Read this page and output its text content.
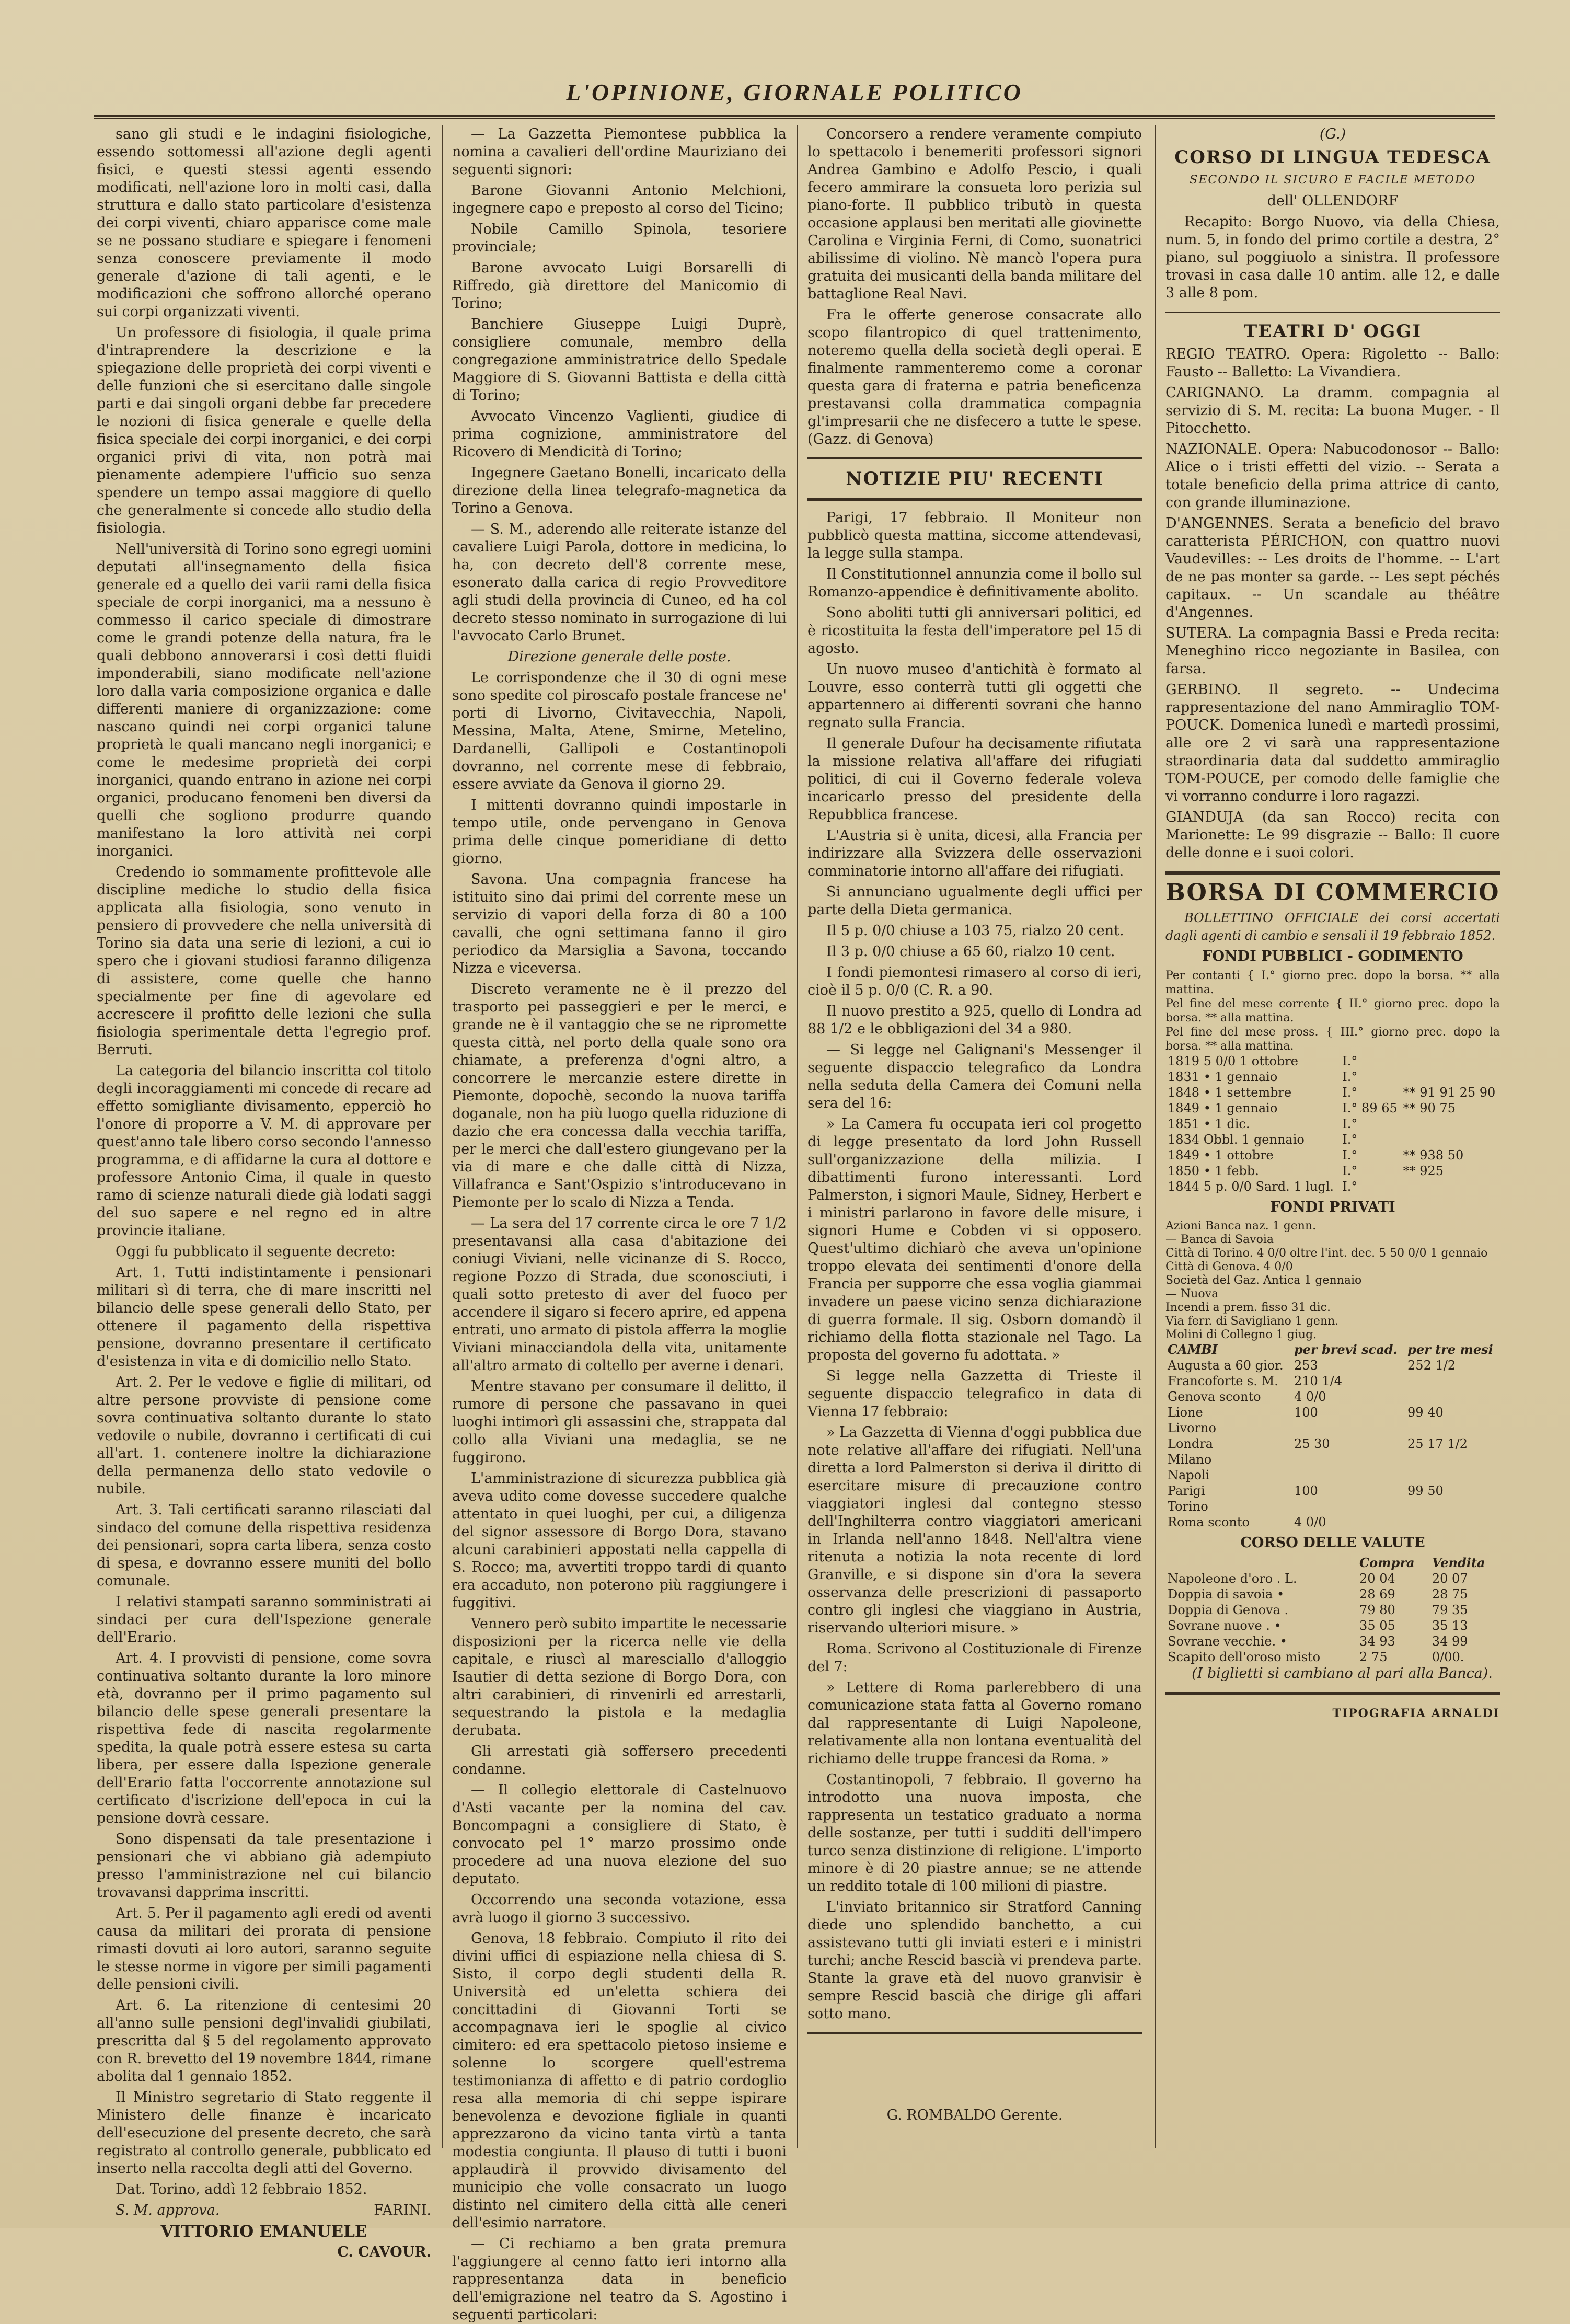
L'OPINIONE, GIORNALE POLITICO

sano gli studi e le indagini fisiologiche, essendo sottomessi all'azione degli agenti fisici, e questi stessi agenti essendo modificati, nell'azione loro in molti casi, dalla struttura e dallo stato particolare d'esistenza dei corpi viventi, chiaro apparisce come male se ne possano studiare e spiegare i fenomeni senza conoscere previamente il modo generale d'azione di tali agenti, e le modificazioni che soffrono allorché operano sui corpi organizzati viventi.

Un professore di fisiologia, il quale prima d'intraprendere la descrizione e la spiegazione delle proprietà dei corpi viventi e delle funzioni che si esercitano dalle singole parti e dai singoli organi debbe far precedere le nozioni di fisica generale e quelle della fisica speciale dei corpi inorganici, e dei corpi organici privi di vita, non potrà mai pienamente adempiere l'ufficio suo senza spendere un tempo assai maggiore di quello che generalmente si concede allo studio della fisiologia.

Nell'università di Torino sono egregi uomini deputati all'insegnamento della fisica generale ed a quello dei varii rami della fisica speciale de corpi inorganici, ma a nessuno è commesso il carico speciale di dimostrare come le grandi potenze della natura, fra le quali debbono annoverarsi i così detti fluidi imponderabili, siano modificate nell'azione loro dalla varia composizione organica e dalle differenti maniere di organizzazione: come nascano quindi nei corpi organici talune proprietà le quali mancano negli inorganici; e come le medesime proprietà dei corpi inorganici, quando entrano in azione nei corpi organici, producano fenomeni ben diversi da quelli che sogliono produrre quando manifestano la loro attività nei corpi inorganici.

Credendo io sommamente profittevole alle discipline mediche lo studio della fisica applicata alla fisiologia, sono venuto in pensiero di provvedere che nella università di Torino sia data una serie di lezioni, a cui io spero che i giovani studiosi faranno diligenza di assistere, come quelle che hanno specialmente per fine di agevolare ed accrescere il profitto delle lezioni che sulla fisiologia sperimentale detta l'egregio prof. Berruti.

La categoria del bilancio inscritta col titolo degli incoraggiamenti mi concede di recare ad effetto somigliante divisamento, epperciò ho l'onore di proporre a V. M. di approvare per quest'anno tale libero corso secondo l'annesso programma, e di affidarne la cura al dottore e professore Antonio Cima, il quale in questo ramo di scienze naturali diede già lodati saggi del suo sapere e nel regno ed in altre provincie italiane.

Oggi fu pubblicato il seguente decreto:

Art. 1. Tutti indistintamente i pensionari militari sì di terra, che di mare inscritti nel bilancio delle spese generali dello Stato, per ottenere il pagamento della rispettiva pensione, dovranno presentare il certificato d'esistenza in vita e di domicilio nello Stato.

Art. 2. Per le vedove e figlie di militari, od altre persone provviste di pensione come sovra continuativa soltanto durante lo stato vedovile o nubile, dovranno i certificati di cui all'art. 1. contenere inoltre la dichiarazione della permanenza dello stato vedovile o nubile.

Art. 3. Tali certificati saranno rilasciati dal sindaco del comune della rispettiva residenza dei pensionari, sopra carta libera, senza costo di spesa, e dovranno essere muniti del bollo comunale.

I relativi stampati saranno somministrati ai sindaci per cura dell'Ispezione generale dell'Erario.

Art. 4. I provvisti di pensione, come sovra continuativa soltanto durante la loro minore età, dovranno per il primo pagamento sul bilancio delle spese generali presentare la rispettiva fede di nascita regolarmente spedita, la quale potrà essere estesa su carta libera, per essere dalla Ispezione generale dell'Erario fatta l'occorrente annotazione sul certificato d'iscrizione dell'epoca in cui la pensione dovrà cessare.

Sono dispensati da tale presentazione i pensionari che vi abbiano già adempiuto presso l'amministrazione nel cui bilancio trovavansi dapprima inscritti.

Art. 5. Per il pagamento agli eredi od aventi causa da militari dei prorata di pensione rimasti dovuti ai loro autori, saranno seguite le stesse norme in vigore per simili pagamenti delle pensioni civili.

Art. 6. La ritenzione di centesimi 20 all'anno sulle pensioni degl'invalidi giubilati, prescritta dal § 5 del regolamento approvato con R. brevetto del 19 novembre 1844, rimane abolita dal 1 gennaio 1852.

Il Ministro segretario di Stato reggente il Ministero delle finanze è incaricato dell'esecuzione del presente decreto, che sarà registrato al controllo generale, pubblicato ed inserto nella raccolta degli atti del Governo.

Dat. Torino, addì 12 febbraio 1852.

S. M. approva.	FARINI.

VITTORIO EMANUELE

C. CAVOUR.

— La Gazzetta Piemontese pubblica la nomina a cavalieri dell'ordine Mauriziano dei seguenti signori:

Barone Giovanni Antonio Melchioni, ingegnere capo e preposto al corso del Ticino;

Nobile Camillo Spinola, tesoriere provinciale;

Barone avvocato Luigi Borsarelli di Riffredo, già direttore del Manicomio di Torino;

Banchiere Giuseppe Luigi Duprè, consigliere comunale, membro della congregazione amministratrice dello Spedale Maggiore di S. Giovanni Battista e della città di Torino;

Avvocato Vincenzo Vaglienti, giudice di prima cognizione, amministratore del Ricovero di Mendicità di Torino;

Ingegnere Gaetano Bonelli, incaricato della direzione della linea telegrafo-magnetica da Torino a Genova.

— S. M., aderendo alle reiterate istanze del cavaliere Luigi Parola, dottore in medicina, lo ha, con decreto dell'8 corrente mese, esonerato dalla carica di regio Provveditore agli studi della provincia di Cuneo, ed ha col decreto stesso nominato in surrogazione di lui l'avvocato Carlo Brunet.

Direzione generale delle poste.

Le corrispondenze che il 30 di ogni mese sono spedite col piroscafo postale francese ne' porti di Livorno, Civitavecchia, Napoli, Messina, Malta, Atene, Smirne, Metelino, Dardanelli, Gallipoli e Costantinopoli dovranno, nel corrente mese di febbraio, essere avviate da Genova il giorno 29.

I mittenti dovranno quindi impostarle in tempo utile, onde pervengano in Genova prima delle cinque pomeridiane di detto giorno.

Savona. Una compagnia francese ha istituito sino dai primi del corrente mese un servizio di vapori della forza di 80 a 100 cavalli, che ogni settimana fanno il giro periodico da Marsiglia a Savona, toccando Nizza e viceversa.

Discreto veramente ne è il prezzo del trasporto pei passeggieri e per le merci, e grande ne è il vantaggio che se ne ripromette questa città, nel porto della quale sono ora chiamate, a preferenza d'ogni altro, a concorrere le mercanzie estere dirette in Piemonte, dopochè, secondo la nuova tariffa doganale, non ha più luogo quella riduzione di dazio che era concessa dalla vecchia tariffa, per le merci che dall'estero giungevano per la via di mare e che dalle città di Nizza, Villafranca e Sant'Ospizio s'introducevano in Piemonte per lo scalo di Nizza a Tenda.

— La sera del 17 corrente circa le ore 7 1/2 presentavansi alla casa d'abitazione dei coniugi Viviani, nelle vicinanze di S. Rocco, regione Pozzo di Strada, due sconosciuti, i quali sotto pretesto di aver del fuoco per accendere il sigaro si fecero aprire, ed appena entrati, uno armato di pistola afferra la moglie Viviani minacciandola della vita, unitamente all'altro armato di coltello per averne i denari.

Mentre stavano per consumare il delitto, il rumore di persone che passavano in quei luoghi intimorì gli assassini che, strappata dal collo alla Viviani una medaglia, se ne fuggirono.

L'amministrazione di sicurezza pubblica già aveva udito come dovesse succedere qualche attentato in quei luoghi, per cui, a diligenza del signor assessore di Borgo Dora, stavano alcuni carabinieri appostati nella cappella di S. Rocco; ma, avvertiti troppo tardi di quanto era accaduto, non poterono più raggiungere i fuggitivi.

Vennero però subito impartite le necessarie disposizioni per la ricerca nelle vie della capitale, e riuscì al maresciallo d'alloggio Isautier di detta sezione di Borgo Dora, con altri carabinieri, di rinvenirli ed arrestarli, sequestrando la pistola e la medaglia derubata.

Gli arrestati già soffersero precedenti condanne.

— Il collegio elettorale di Castelnuovo d'Asti vacante per la nomina del cav. Boncompagni a consigliere di Stato, è convocato pel 1° marzo prossimo onde procedere ad una nuova elezione del suo deputato.

Occorrendo una seconda votazione, essa avrà luogo il giorno 3 successivo.

Genova, 18 febbraio. Compiuto il rito dei divini uffici di espiazione nella chiesa di S. Sisto, il corpo degli studenti della R. Università ed un'eletta schiera dei concittadini di Giovanni Torti se accompagnava ieri le spoglie al civico cimitero: ed era spettacolo pietoso insieme e solenne lo scorgere quell'estrema testimonianza di affetto e di patrio cordoglio resa alla memoria di chi seppe ispirare benevolenza e devozione figliale in quanti apprezzarono da vicino tanta virtù a tanta modestia congiunta. Il plauso di tutti i buoni applaudirà il provvido divisamento del municipio che volle consacrato un luogo distinto nel cimitero della città alle ceneri dell'esimio narratore.

— Ci rechiamo a ben grata premura l'aggiungere al cenno fatto ieri intorno alla rappresentanza data in beneficio dell'emigrazione nel teatro da S. Agostino i seguenti particolari:

Concorsero a rendere veramente compiuto lo spettacolo i benemeriti professori signori Andrea Gambino e Adolfo Pescio, i quali fecero ammirare la consueta loro perizia sul piano-forte. Il pubblico tributò in questa occasione applausi ben meritati alle giovinette Carolina e Virginia Ferni, di Como, suonatrici abilissime di violino. Nè mancò l'opera pura gratuita dei musicanti della banda militare del battaglione Real Navi.

Fra le offerte generose consacrate allo scopo filantropico di quel trattenimento, noteremo quella della società degli operai. E finalmente rammenteremo come a coronar questa gara di fraterna e patria beneficenza prestavansi colla drammatica compagnia gl'impresarii che ne disfecero a tutte le spese. (Gazz. di Genova)

NOTIZIE PIU' RECENTI

Parigi, 17 febbraio. Il Moniteur non pubblicò questa mattina, siccome attendevasi, la legge sulla stampa.

Il Constitutionnel annunzia come il bollo sul Romanzo-appendice è definitivamente abolito.

Sono aboliti tutti gli anniversari politici, ed è ricostituita la festa dell'imperatore pel 15 di agosto.

Un nuovo museo d'antichità è formato al Louvre, esso conterrà tutti gli oggetti che appartennero ai differenti sovrani che hanno regnato sulla Francia.

Il generale Dufour ha decisamente rifiutata la missione relativa all'affare dei rifugiati politici, di cui il Governo federale voleva incaricarlo presso del presidente della Repubblica francese.

L'Austria si è unita, dicesi, alla Francia per indirizzare alla Svizzera delle osservazioni comminatorie intorno all'affare dei rifugiati.

Si annunciano ugualmente degli uffici per parte della Dieta germanica.

Il 5 p. 0/0 chiuse a 103 75, rialzo 20 cent.

Il 3 p. 0/0 chiuse a 65 60, rialzo 10 cent.

I fondi piemontesi rimasero al corso di ieri, cioè il 5 p. 0/0 (C. R. a 90.

Il nuovo prestito a 925, quello di Londra ad 88 1/2 e le obbligazioni del 34 a 980.

— Si legge nel Galignani's Messenger il seguente dispaccio telegrafico da Londra nella seduta della Camera dei Comuni nella sera del 16:

» La Camera fu occupata ieri col progetto di legge presentato da lord John Russell sull'organizzazione della milizia. I dibattimenti furono interessanti. Lord Palmerston, i signori Maule, Sidney, Herbert e i ministri parlarono in favore delle misure, i signori Hume e Cobden vi si opposero. Quest'ultimo dichiarò che aveva un'opinione troppo elevata dei sentimenti d'onore della Francia per supporre che essa voglia giammai invadere un paese vicino senza dichiarazione di guerra formale. Il sig. Osborn domandò il richiamo della flotta stazionale nel Tago. La proposta del governo fu adottata. »

Si legge nella Gazzetta di Trieste il seguente dispaccio telegrafico in data di Vienna 17 febbraio:

» La Gazzetta di Vienna d'oggi pubblica due note relative all'affare dei rifugiati. Nell'una diretta a lord Palmerston si deriva il diritto di esercitare misure di precauzione contro viaggiatori inglesi dal contegno stesso dell'Inghilterra contro viaggiatori americani in Irlanda nell'anno 1848. Nell'altra viene ritenuta a notizia la nota recente di lord Granville, e si dispone sin d'ora la severa osservanza delle prescrizioni di passaporto contro gli inglesi che viaggiano in Austria, riservando ulteriori misure. »

Roma. Scrivono al Costituzionale di Firenze del 7:

» Lettere di Roma parlerebbero di una comunicazione stata fatta al Governo romano dal rappresentante di Luigi Napoleone, relativamente alla non lontana eventualità del richiamo delle truppe francesi da Roma. »

Costantinopoli, 7 febbraio. Il governo ha introdotto una nuova imposta, che rappresenta un testatico graduato a norma delle sostanze, per tutti i sudditi dell'impero turco senza distinzione di religione. L'importo minore è di 20 piastre annue; se ne attende un reddito totale di 100 milioni di piastre.

L'inviato britannico sir Stratford Canning diede uno splendido banchetto, a cui assistevano tutti gli inviati esteri e i ministri turchi; anche Rescid bascià vi prendeva parte. Stante la grave età del nuovo granvisir è sempre Rescid bascià che dirige gli affari sotto mano.

G. ROMBALDO Gerente.

(G.)

CORSO DI LINGUA TEDESCA

SECONDO IL SICURO E FACILE METODO

dell' OLLENDORF

Recapito: Borgo Nuovo, via della Chiesa, num. 5, in fondo del primo cortile a destra, 2° piano, sul poggiuolo a sinistra. Il professore trovasi in casa dalle 10 antim. alle 12, e dalle 3 alle 8 pom.

TEATRI D' OGGI

REGIO TEATRO. Opera: Rigoletto -- Ballo: Fausto -- Balletto: La Vivandiera.

CARIGNANO. La dramm. compagnia al servizio di S. M. recita: La buona Muger. - Il Pitocchetto.

NAZIONALE. Opera: Nabucodonosor -- Ballo: Alice o i tristi effetti del vizio. -- Serata a totale beneficio della prima attrice di canto, con grande illuminazione.

D'ANGENNES. Serata a beneficio del bravo caratterista PÉRICHON, con quattro nuovi Vaudevilles: -- Les droits de l'homme. -- L'art de ne pas monter sa garde. -- Les sept péchés capitaux. -- Un scandale au théâtre d'Angennes.

SUTERA. La compagnia Bassi e Preda recita: Meneghino ricco negoziante in Basilea, con farsa.

GERBINO. Il segreto. -- Undecima rappresentazione del nano Ammiraglio TOM-POUCK. Domenica lunedì e martedì prossimi, alle ore 2 vi sarà una rappresentazione straordinaria data dal suddetto ammiraglio TOM-POUCE, per comodo delle famiglie che vi vorranno condurre i loro ragazzi.

GIANDUJA (da san Rocco) recita con Marionette: Le 99 disgrazie -- Ballo: Il cuore delle donne e i suoi colori.

BORSA DI COMMERCIO

BOLLETTINO OFFICIALE dei corsi accertati dagli agenti di cambio e sensali il 19 febbraio 1852.

FONDI PUBBLICI - GODIMENTO

Per contanti { I.° giorno prec. dopo la borsa. ** alla mattina.
Pel fine del mese corrente { II.° giorno prec. dopo la borsa. ** alla mattina.
Pel fine del mese pross. { III.° giorno prec. dopo la borsa. ** alla mattina.
1819 5 0/0 1 ottobre	I.°	
1831 • 1 gennaio	I.°	
1848 • 1 settembre	I.°	** 91 91 25 90
1849 • 1 gennaio	I.° 89 65	** 90 75
1851 • 1 dic.	I.°	
1834 Obbl. 1 gennaio	I.°	
1849 • 1 ottobre	I.°	** 938 50
1850 • 1 febb.	I.°	** 925
1844 5 p. 0/0 Sard. 1 lugl.	I.°	

FONDI PRIVATI

Azioni Banca naz. 1 genn.
— Banca di Savoia
Città di Torino. 4 0/0 oltre l'int. dec. 5 50 0/0 1 gennaio
Città di Genova. 4 0/0
Società del Gaz. Antica 1 gennaio
— Nuova
Incendi a prem. fisso 31 dic.
Via ferr. di Savigliano 1 genn.
Molini di Collegno 1 giug.
CAMBI	per brevi scad.	per tre mesi
Augusta a 60 gior.	253	252 1/2
Francoforte s. M.	210 1/4	
Genova sconto	4 0/0	
Lione	100	99 40
Livorno		
Londra	25 30	25 17 1/2
Milano		
Napoli		
Parigi	100	99 50
Torino		
Roma sconto	4 0/0	

CORSO DELLE VALUTE

	Compra	Vendita
Napoleone d'oro . L.	20 04	20 07
Doppia di savoia •	28 69	28 75
Doppia di Genova .	79 80	79 35
Sovrane nuove . •	35 05	35 13
Sovrane vecchie. •	34 93	34 99
Scapito dell'oroso misto	2 75	0/00.

(I biglietti si cambiano al pari alla Banca).

TIPOGRAFIA ARNALDI
